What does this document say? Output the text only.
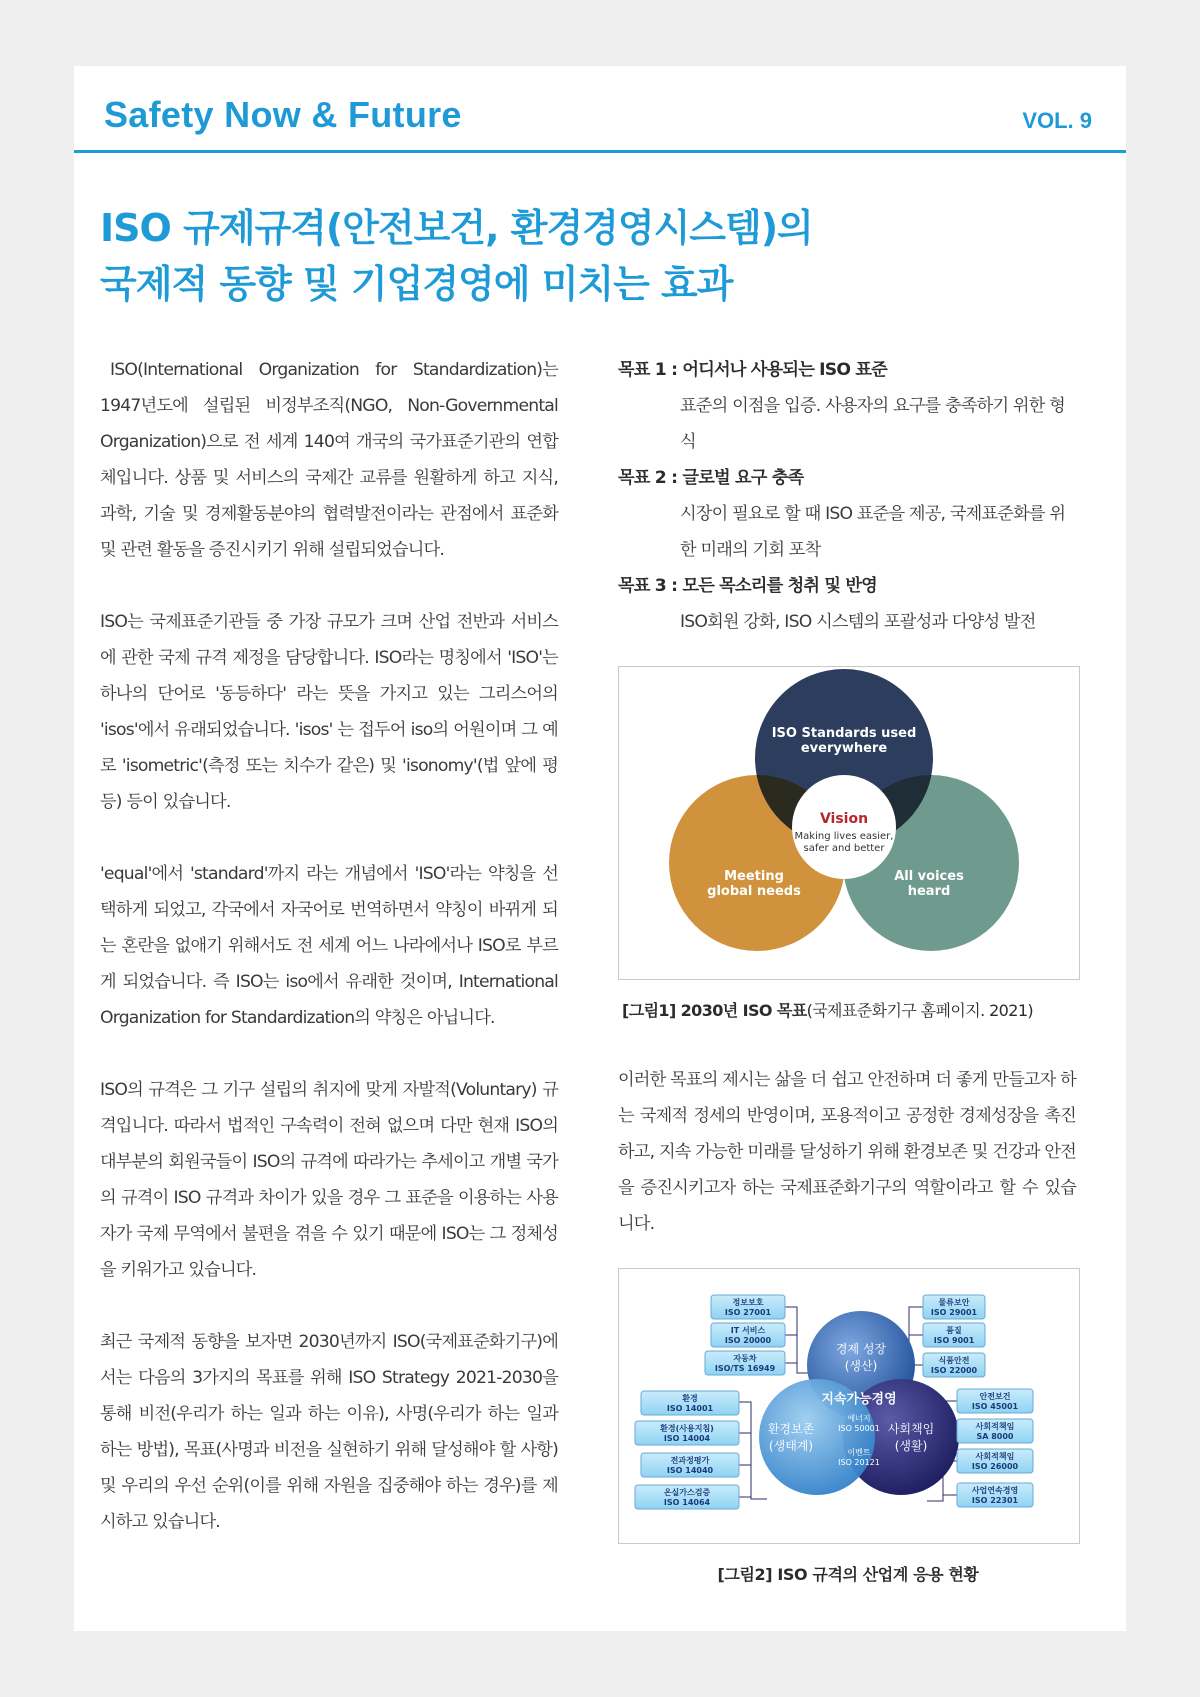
Safety Now & Future	VOL. 9
ISO 규제규격(안전보건, 환경경영시스템)의
국제적 동향 및 기업경영에 미치는 효과

ISO(International Organization for Standardization)는 1947년도에 설립된 비정부조직(NGO, Non-Governmental Organization)으로 전 세계 140여 개국의 국가표준기관의 연합체입니다. 상품 및 서비스의 국제간 교류를 원활하게 하고 지식, 과학, 기술 및 경제활동분야의 협력발전이라는 관점에서 표준화 및 관련 활동을 증진시키기 위해 설립되었습니다.

ISO는 국제표준기관들 중 가장 규모가 크며 산업 전반과 서비스에 관한 국제 규격 제정을 담당합니다. ISO라는 명칭에서 'ISO'는 하나의 단어로 '동등하다' 라는 뜻을 가지고 있는 그리스어의 'isos'에서 유래되었습니다. 'isos' 는 접두어 iso의 어원이며 그 예로 'isometric'(측정 또는 치수가 같은) 및 'isonomy'(법 앞에 평등) 등이 있습니다.

'equal'에서 'standard'까지 라는 개념에서 'ISO'라는 약칭을 선택하게 되었고, 각국에서 자국어로 번역하면서 약칭이 바뀌게 되는 혼란을 없애기 위해서도 전 세계 어느 나라에서나 ISO로 부르게 되었습니다. 즉 ISO는 iso에서 유래한 것이며, International Organization for Standardization의 약칭은 아닙니다.

ISO의 규격은 그 기구 설립의 취지에 맞게 자발적(Voluntary) 규격입니다. 따라서 법적인 구속력이 전혀 없으며 다만 현재 ISO의 대부분의 회원국들이 ISO의 규격에 따라가는 추세이고 개별 국가의 규격이 ISO 규격과 차이가 있을 경우 그 표준을 이용하는 사용자가 국제 무역에서 불편을 겪을 수 있기 때문에 ISO는 그 정체성을 키워가고 있습니다.

최근 국제적 동향을 보자면 2030년까지 ISO(국제표준화기구)에서는 다음의 3가지의 목표를 위해 ISO Strategy 2021-2030을 통해 비전(우리가 하는 일과 하는 이유), 사명(우리가 하는 일과 하는 방법), 목표(사명과 비전을 실현하기 위해 달성해야 할 사항) 및 우리의 우선 순위(이를 위해 자원을 집중해야 하는 경우)를 제시하고 있습니다.

목표 1 : 어디서나 사용되는 ISO 표준
표준의 이점을 입증. 사용자의 요구를 충족하기 위한 형식
목표 2 : 글로벌 요구 충족
시장이 필요로 할 때 ISO 표준을 제공, 국제표준화를 위한 미래의 기회 포착
목표 3 : 모든 목소리를 청취 및 반영
ISO회원 강화, ISO 시스템의 포괄성과 다양성 발전
ISO Standards used
everywhere
Vision
Making lives easier,
safer and better
Meeting
global needs
All voices
heard
[그림1] 2030년 ISO 목표(국제표준화기구 홈페이지. 2021)
이러한 목표의 제시는 삶을 더 쉽고 안전하며 더 좋게 만들고자 하는 국제적 정세의 반영이며, 포용적이고 공정한 경제성장을 촉진하고, 지속 가능한 미래를 달성하기 위해 환경보존 및 건강과 안전을 증진시키고자 하는 국제표준화기구의 역할이라고 할 수 있습니다.
경제 성장
(생산)
지속가능경영
환경보존
(생태계)
사회책임
(생활)
에너지
ISO 50001
이벤트
ISO 20121
정보보호
ISO 27001
IT 서비스
ISO 20000
자동차
ISO/TS 16949
환경
ISO 14001
환경(사용지침)
ISO 14004
전과정평가
ISO 14040
온실가스검증
ISO 14064
물류보안
ISO 29001
품질
ISO 9001
식품안전
ISO 22000
안전보건
ISO 45001
사회적책임
SA 8000
사회적책임
ISO 26000
사업연속경영
ISO 22301
[그림2] ISO 규격의 산업계 응용 현황
